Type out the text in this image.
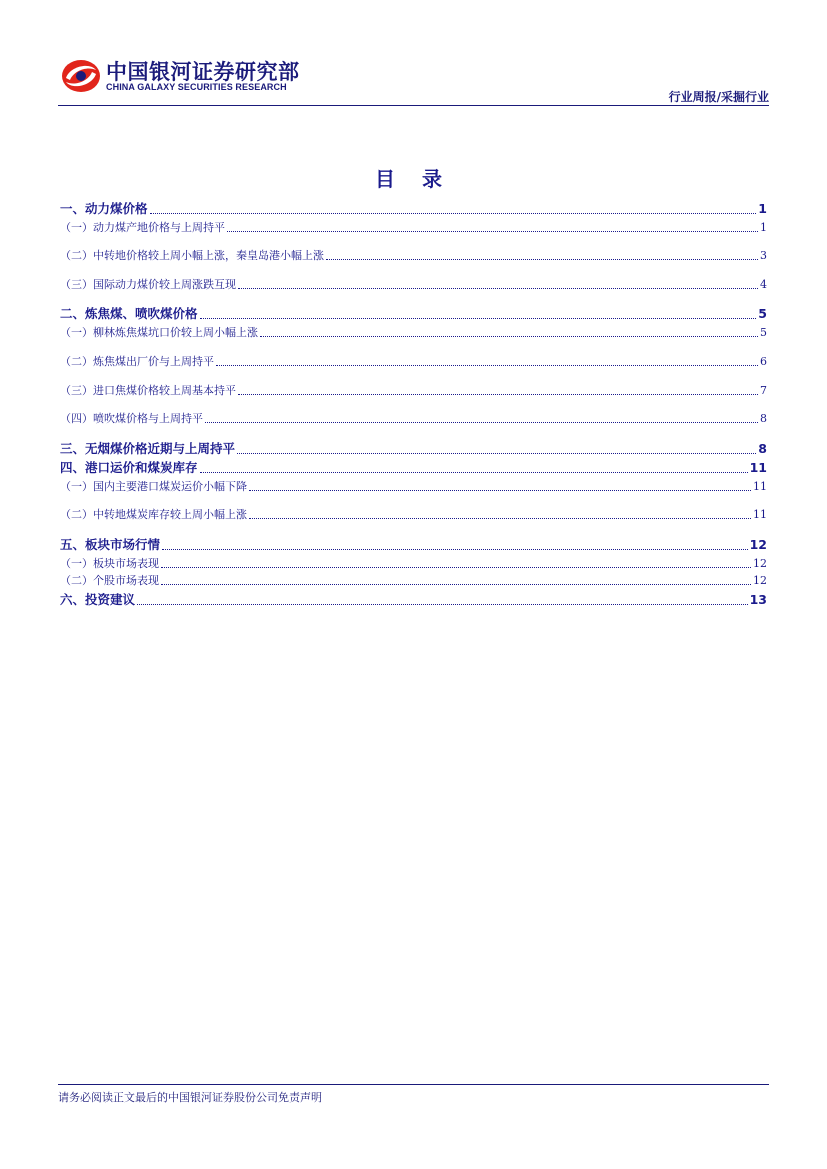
中国银河证券研究部
CHINA GALAXY SECURITIES RESEARCH
行业周报/采掘行业
目 录
一、动力煤价格	1
（一）动力煤产地价格与上周持平	1
（二）中转地价格较上周小幅上涨，秦皇岛港小幅上涨	3
（三）国际动力煤价较上周涨跌互现	4
二、炼焦煤、喷吹煤价格	5
（一）柳林炼焦煤坑口价较上周小幅上涨	5
（二）炼焦煤出厂价与上周持平	6
（三）进口焦煤价格较上周基本持平	7
（四）喷吹煤价格与上周持平	8
三、无烟煤价格近期与上周持平	8
四、港口运价和煤炭库存	11
（一）国内主要港口煤炭运价小幅下降	11
（二）中转地煤炭库存较上周小幅上涨	11
五、板块市场行情	12
（一）板块市场表现	12
（二）个股市场表现	12
六、投资建议	13
请务必阅读正文最后的中国银河证券股份公司免责声明
